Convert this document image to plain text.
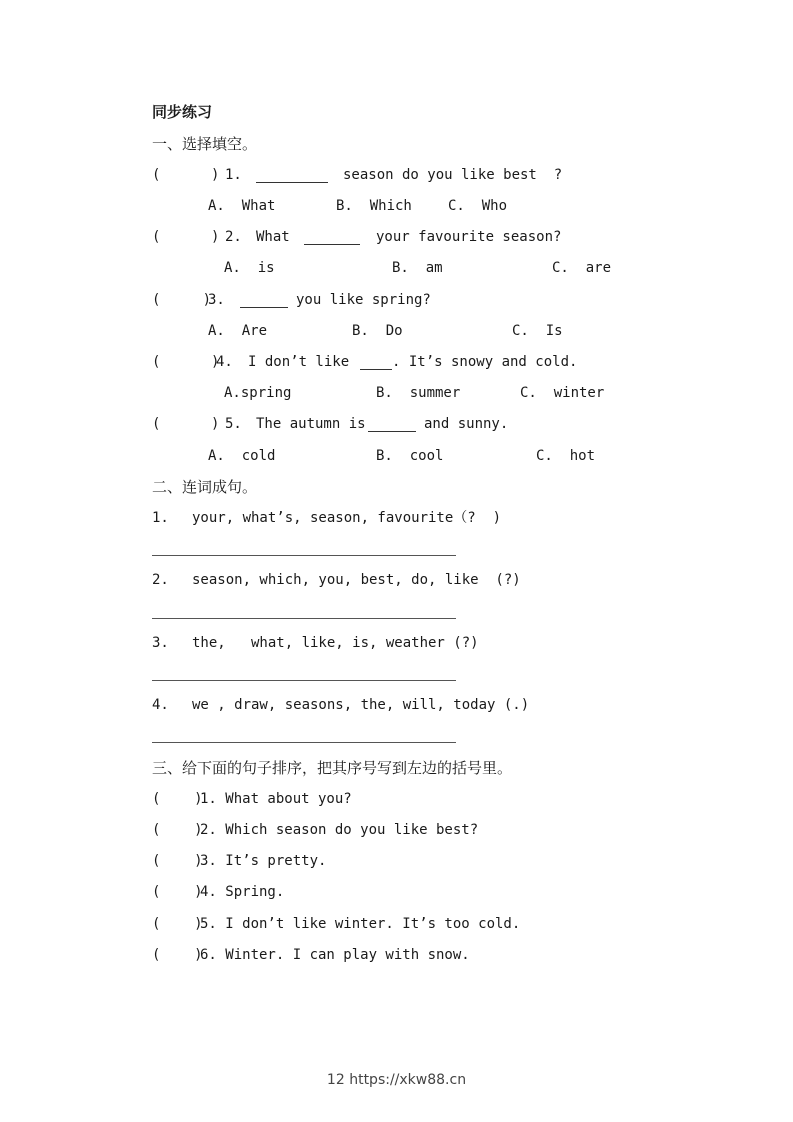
同步练习
一、选择填空。
(      ) 1.	season do you like best  ?
A.  What	B.  Which	C.  Who
(      ) 2. What	your favourite season?
A.  is	B.  am	C.  are
(     )
3.	you like spring?
A.  Are	B.  Do	C.  Is
(      )
4. I don’t like	. It’s snowy and cold.
A.spring	B.  summer	C.  winter
(      ) 5. The autumn is	and sunny.
A.  cold	B.  cool	C.  hot
二、连词成句。
1. your, what’s, season, favourite（?  )
2. season, which, you, best, do, like  (?)
3. the,   what, like, is, weather (?)
4. we , draw, seasons, the, will, today (.)
三、给下面的句子排序，把其序号写到左边的括号里。
(    )
1. What about you?
(    )
2. Which season do you like best?
(    )
3. It’s pretty.
(    )
4. Spring.
(    )
5. I don’t like winter. It’s too cold.
(    )
6. Winter. I can play with snow.
12 https://xkw88.cn
